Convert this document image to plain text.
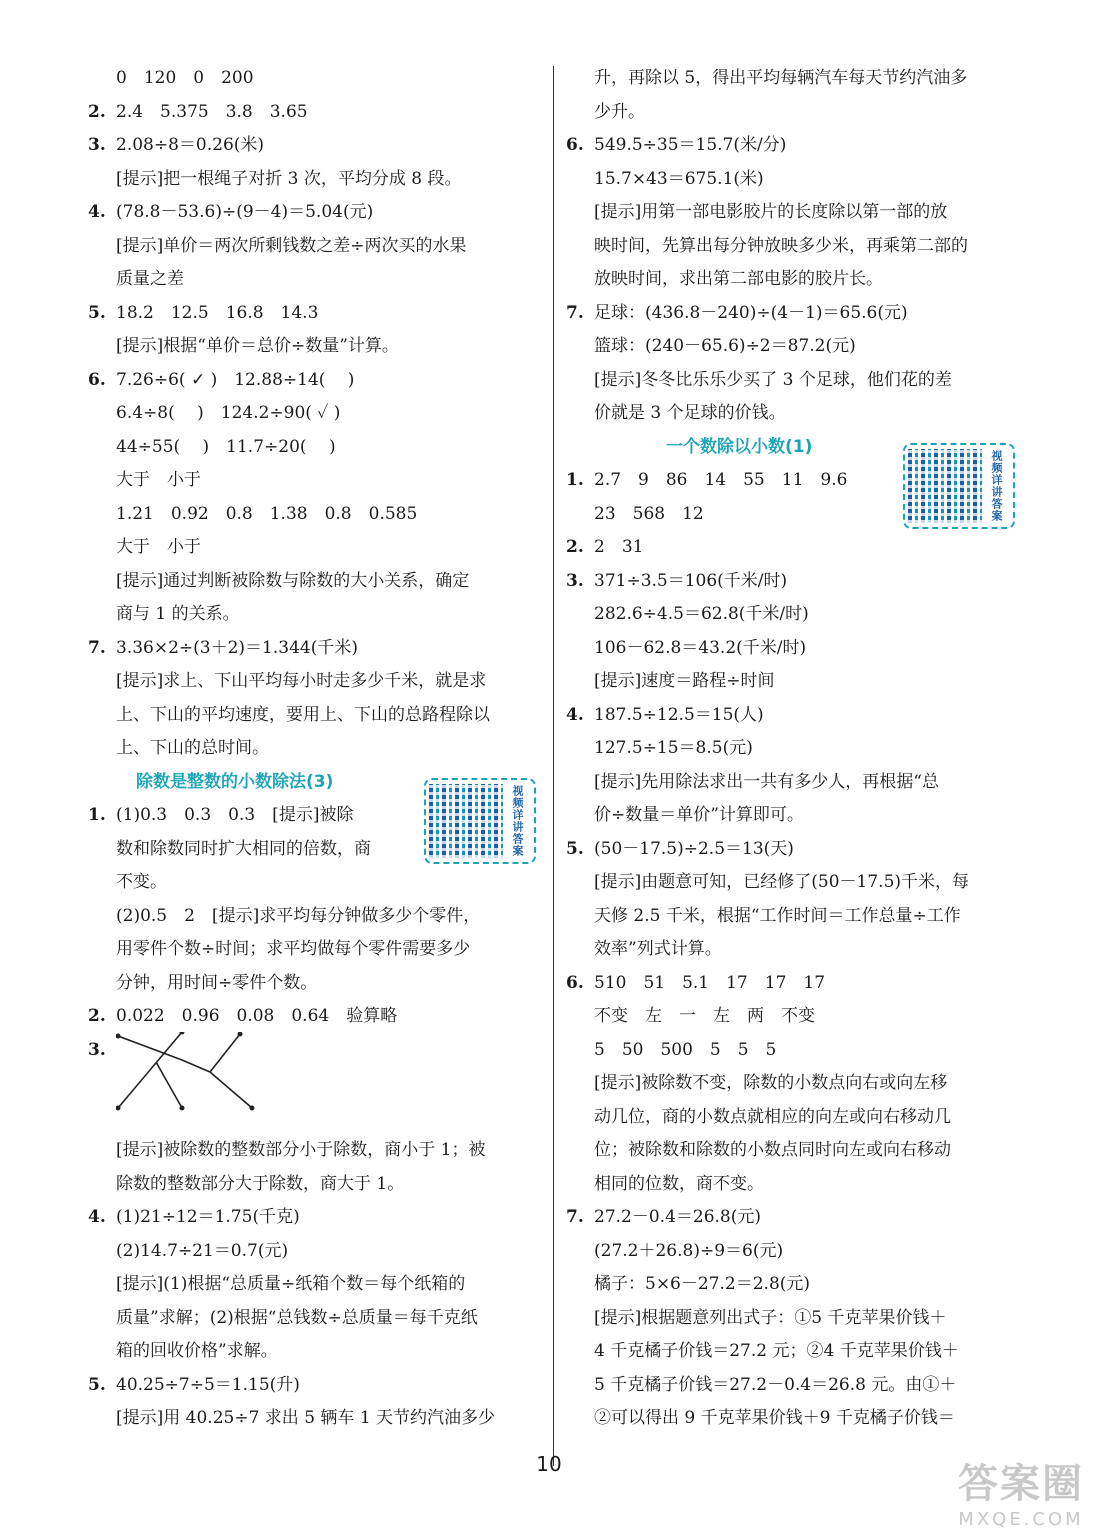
0　120　0　200
2. 2.4　5.375　3.8　3.65
3. 2.08÷8＝0.26(米)
[提示]把一根绳子对折 3 次，平均分成 8 段。
4. (78.8－53.6)÷(9－4)＝5.04(元)
[提示]单价＝两次所剩钱数之差÷两次买的水果
质量之差
5. 18.2　12.5　16.8　14.3
[提示]根据“单价＝总价÷数量”计算。
6. 7.26÷6( ✓ )　12.88÷14(　 )
6.4÷8(　 )　124.2÷90( ✓ )
44÷55(　 )　11.7÷20(　 )
大于　小于
1.21　0.92　0.8　1.38　0.8　0.585
大于　小于
[提示]通过判断被除数与除数的大小关系，确定
商与 1 的关系。
7. 3.36×2÷(3＋2)＝1.344(千米)
[提示]求上、下山平均每小时走多少千米，就是求
上、下山的平均速度，要用上、下山的总路程除以
上、下山的总时间。
除数是整数的小数除法(3)
1. (1)0.3　0.3　0.3　[提示]被除
数和除数同时扩大相同的倍数，商
不变。
(2)0.5　2　[提示]求平均每分钟做多少个零件，
用零件个数÷时间；求平均做每个零件需要多少
分钟，用时间÷零件个数。
2. 0.022　0.96　0.08　0.64　验算略
3.
[提示]被除数的整数部分小于除数，商小于 1；被
除数的整数部分大于除数，商大于 1。
4. (1)21÷12＝1.75(千克)
(2)14.7÷21＝0.7(元)
[提示](1)根据“总质量÷纸箱个数＝每个纸箱的
质量”求解；(2)根据“总钱数÷总质量＝每千克纸
箱的回收价格”求解。
5. 40.25÷7÷5＝1.15(升)
[提示]用 40.25÷7 求出 5 辆车 1 天节约汽油多少
升，再除以 5，得出平均每辆汽车每天节约汽油多
少升。
6. 549.5÷35＝15.7(米/分)
15.7×43＝675.1(米)
[提示]用第一部电影胶片的长度除以第一部的放
映时间，先算出每分钟放映多少米，再乘第二部的
放映时间，求出第二部电影的胶片长。
7. 足球：(436.8－240)÷(4－1)＝65.6(元)
篮球：(240－65.6)÷2＝87.2(元)
[提示]冬冬比乐乐少买了 3 个足球，他们花的差
价就是 3 个足球的价钱。
一个数除以小数(1)
1. 2.7　9　86　14　55　11　9.6
23　568　12
2. 2　31
3. 371÷3.5＝106(千米/时)
282.6÷4.5＝62.8(千米/时)
106－62.8＝43.2(千米/时)
[提示]速度＝路程÷时间
4. 187.5÷12.5＝15(人)
127.5÷15＝8.5(元)
[提示]先用除法求出一共有多少人，再根据“总
价÷数量＝单价”计算即可。
5. (50－17.5)÷2.5＝13(天)
[提示]由题意可知，已经修了(50－17.5)千米，每
天修 2.5 千米，根据“工作时间＝工作总量÷工作
效率”列式计算。
6. 510　51　5.1　17　17　17
不变　左　一　左　两　不变
5　50　500　5　5　5
[提示]被除数不变，除数的小数点向右或向左移
动几位，商的小数点就相应的向左或向右移动几
位；被除数和除数的小数点同时向左或向右移动
相同的位数，商不变。
7. 27.2－0.4＝26.8(元)
(27.2＋26.8)÷9＝6(元)
橘子：5×6－27.2＝2.8(元)
[提示]根据题意列出式子：①5 千克苹果价钱＋
4 千克橘子价钱＝27.2 元；②4 千克苹果价钱＋
5 千克橘子价钱＝27.2－0.4＝26.8 元。由①＋
②可以得出 9 千克苹果价钱＋9 千克橘子价钱＝
视频详讲答案
视频详讲答案
10	答案圈
MXQE.COM
